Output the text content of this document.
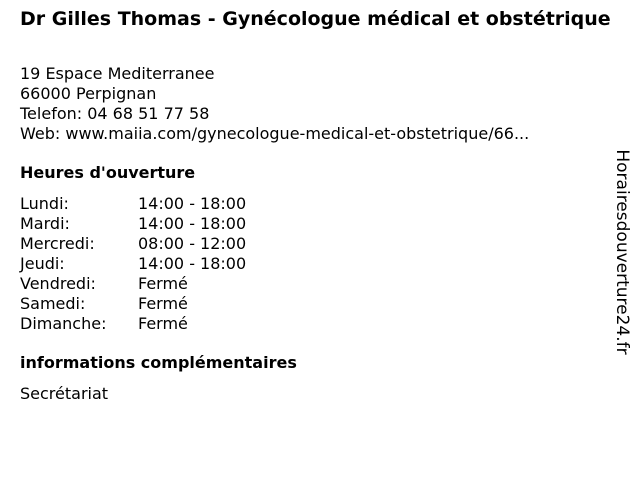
Dr Gilles Thomas - Gynécologue médical et obstétrique
19 Espace Mediterranee
66000 Perpignan
Telefon: 04 68 51 77 58
Web: www.maiia.com/gynecologue-medical-et-obstetrique/66...
Heures d'ouverture
Lundi:	14:00 - 18:00
Mardi:	14:00 - 18:00
Mercredi:	08:00 - 12:00
Jeudi:	14:00 - 18:00
Vendredi:	Fermé
Samedi:	Fermé
Dimanche:	Fermé
informations complémentaires
Secrétariat
Horairesdouverture24.fr
